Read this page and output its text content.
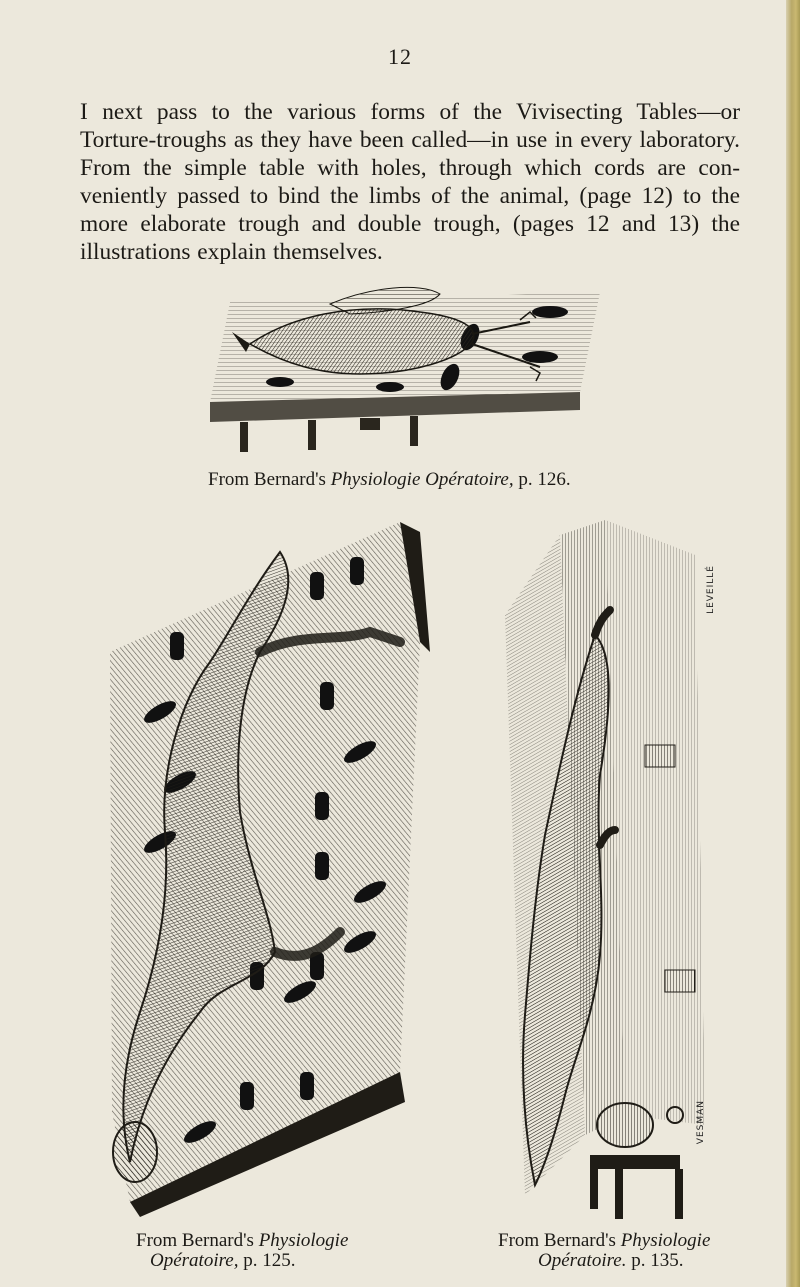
12
I next pass to the various forms of the Vivisecting Tables—or Torture-troughs as they have been called—in use in every laboratory. From the simple table with holes, through which cords are conveniently passed to bind the limbs of the animal, (page 12) to the more elaborate trough and double trough, (pages 12 and 13) the illustrations explain themselves.
From Bernard's Physiologie Opératoire, p. 126.
From Bernard's Physiologie
Opératoire, p. 125.
LEVEILLÉ
VESMAN
From Bernard's Physiologie
Opératoire. p. 135.
